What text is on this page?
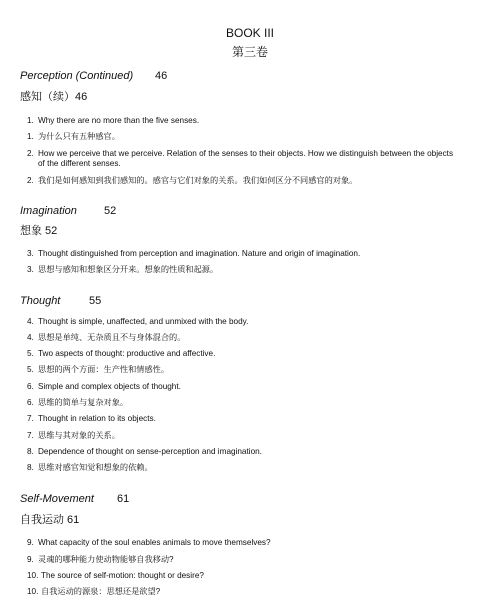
BOOK III
第三卷
Perception (Continued) 46
感知（续）46
1. Why there are no more than the five senses.
1. 为什么只有五种感官。
2. How we perceive that we perceive. Relation of the senses to their objects. How we distinguish between the objects
of the different senses.
2. 我们是如何感知到我们感知的。感官与它们对象的关系。我们如何区分不同感官的对象。
Imagination 52
想象 52
3. Thought distinguished from perception and imagination. Nature and origin of imagination.
3. 思想与感知和想象区分开来。想象的性质和起源。
Thought	55
4. Thought is simple, unaffected, and unmixed with the body.
4. 思想是单纯、无杂质且不与身体混合的。
5. Two aspects of thought: productive and affective.
5. 思想的两个方面：生产性和情感性。
6. Simple and complex objects of thought.
6. 思维的简单与复杂对象。
7. Thought in relation to its objects.
7. 思维与其对象的关系。
8. Dependence of thought on sense-perception and imagination.
8. 思维对感官知觉和想象的依赖。
Self-Movement 61
自我运动 61
9. What capacity of the soul enables animals to move themselves?
9. 灵魂的哪种能力使动物能够自我移动?
10. The source of self-motion: thought or desire?
10. 自我运动的源泉：思想还是欲望?
